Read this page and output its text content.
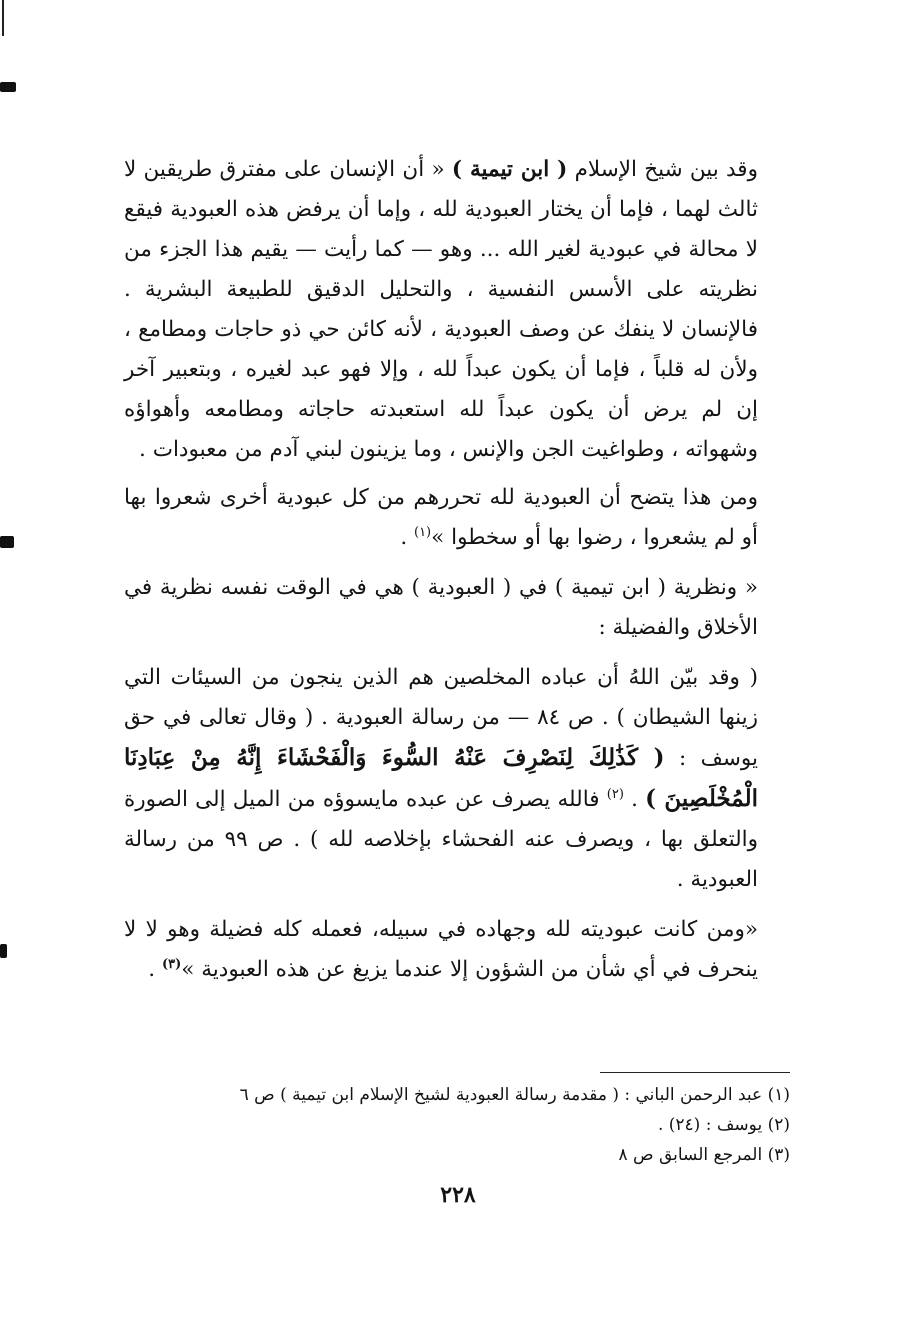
وقد بين شيخ الإسلام ( ابن تيمية ) « أن الإنسان على مفترق طريقين لا ثالث لهما ، فإما أن يختار العبودية لله ، وإما أن يرفض هذه العبودية فيقع لا محالة في عبودية لغير الله ... وهو — كما رأيت — يقيم هذا الجزء من نظريته على الأسس النفسية ، والتحليل الدقيق للطبيعة البشرية . فالإنسان لا ينفك عن وصف العبودية ، لأنه كائن حي ذو حاجات ومطامع ، ولأن له قلباً ، فإما أن يكون عبداً لله ، وإلا فهو عبد لغيره ، وبتعبير آخر إن لم يرض أن يكون عبداً لله استعبدته حاجاته ومطامعه وأهواؤه وشهواته ، وطواغيت الجن والإنس ، وما يزينون لبني آدم من معبودات .

ومن هذا يتضح أن العبودية لله تحررهم من كل عبودية أخرى شعروا بها أو لم يشعروا ، رضوا بها أو سخطوا »$^{(١)}$ .

« ونظرية ( ابن تيمية ) في ( العبودية ) هي في الوقت نفسه نظرية في الأخلاق والفضيلة :

( وقد بيّن اللهُ أن عباده المخلصين هم الذين ينجون من السيئات التي زينها الشيطان ) . ص ٨٤ — من رسالة العبودية . ( وقال تعالى في حق يوسف : ( كَذَٰلِكَ لِنَصْرِفَ عَنْهُ السُّوءَ وَالْفَحْشَاءَ إِنَّهُ مِنْ عِبَادِنَا الْمُخْلَصِينَ ) . $^{(٢)}$ فالله يصرف عن عبده مايسوؤه من الميل إلى الصورة والتعلق بها ، ويصرف عنه الفحشاء بإخلاصه لله ) . ص ٩٩ من رسالة العبودية .

«ومن كانت عبوديته لله وجهاده في سبيله، فعمله كله فضيلة وهو لا لا ينحرف في أي شأن من الشؤون إلا عندما يزيغ عن هذه العبودية »$^{(٣)}$ .

(١) عبد الرحمن الباني : ( مقدمة رسالة العبودية لشيخ الإسلام ابن تيمية ) ص ٦
(٢) يوسف : (٢٤) .
(٣) المرجع السابق ص ٨
٢٢٨
